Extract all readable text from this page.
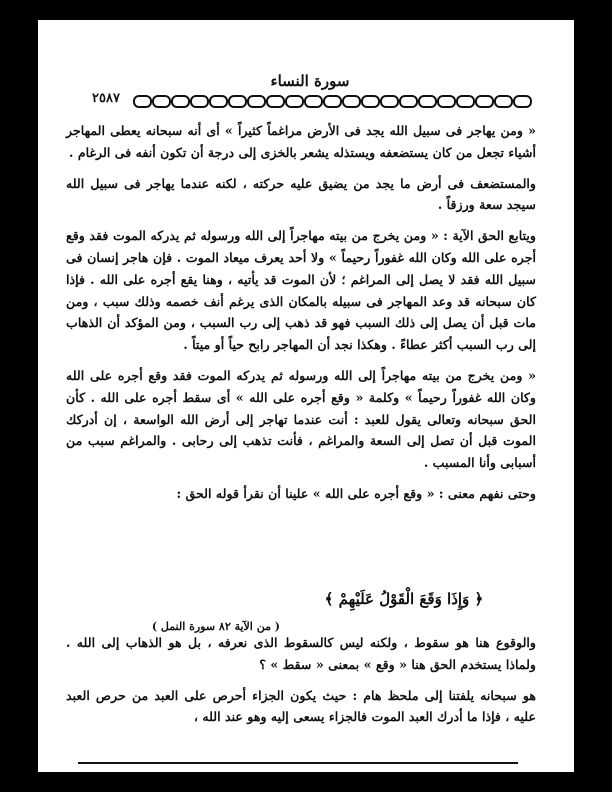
سورة النساء
٢٥٨٧

« ومن يهاجر فى سبيل الله يجد فى الأرض مراغماً كثيراً » أى أنه سبحانه يعطى المهاجر أشياء تجعل من كان يستضعفه ويستذله يشعر بالخزى إلى درجة أن تكون أنفه فى الرغام .

والمستضعف فى أرض ما يجد من يضيق عليه حركته ، لكنه عندما يهاجر فى سبيل الله سيجد سعة ورزقاً .

ويتابع الحق الآية : « ومن يخرج من بيته مهاجراً إلى الله ورسوله ثم يدركه الموت فقد وقع أجره على الله وكان الله غفوراً رحيماً » ولا أحد يعرف ميعاد الموت . فإن هاجر إنسان فى سبيل الله فقد لا يصل إلى المراغم ؛ لأن الموت قد يأتيه ، وهنا يقع أجره على الله . فإذا كان سبحانه قد وعد المهاجر فى سبيله بالمكان الذى يرغم أنف خصمه وذلك سبب ، ومن مات قبل أن يصل إلى ذلك السبب فهو قد ذهب إلى رب السبب ، ومن المؤكد أن الذهاب إلى رب السبب أكثر عطاءً . وهكذا نجد أن المهاجر رابح حياً أو ميتاً .

« ومن يخرج من بيته مهاجراً إلى الله ورسوله ثم يدركه الموت فقد وقع أجره على الله وكان الله غفوراً رحيماً » وكلمة « وقع أجره على الله » أى سقط أجره على الله . كأن الحق سبحانه وتعالى يقول للعبد : أنت عندما تهاجر إلى أرض الله الواسعة ، إن أدركك الموت قبل أن تصل إلى السعة والمراغم ، فأنت تذهب إلى رحابى . والمراغم سبب من أسبابى وأنا المسبب .

وحتى نفهم معنى : « وقع أجره على الله » علينا أن نقرأ قوله الحق :

﴿ وَإِذَا وَقَعَ الْقَوْلُ عَلَيْهِمْ ﴾
( من الآية ٨٢ سورة النمل )

والوقوع هنا هو سقوط ، ولكنه ليس كالسقوط الذى نعرفه ، بل هو الذهاب إلى الله . ولماذا يستخدم الحق هنا « وقع » بمعنى « سقط » ؟

هو سبحانه يلفتنا إلى ملحظ هام : حيث يكون الجزاء أحرص على العبد من حرص العبد عليه ، فإذا ما أدرك العبد الموت فالجزاء يسعى إليه وهو عند الله ،
